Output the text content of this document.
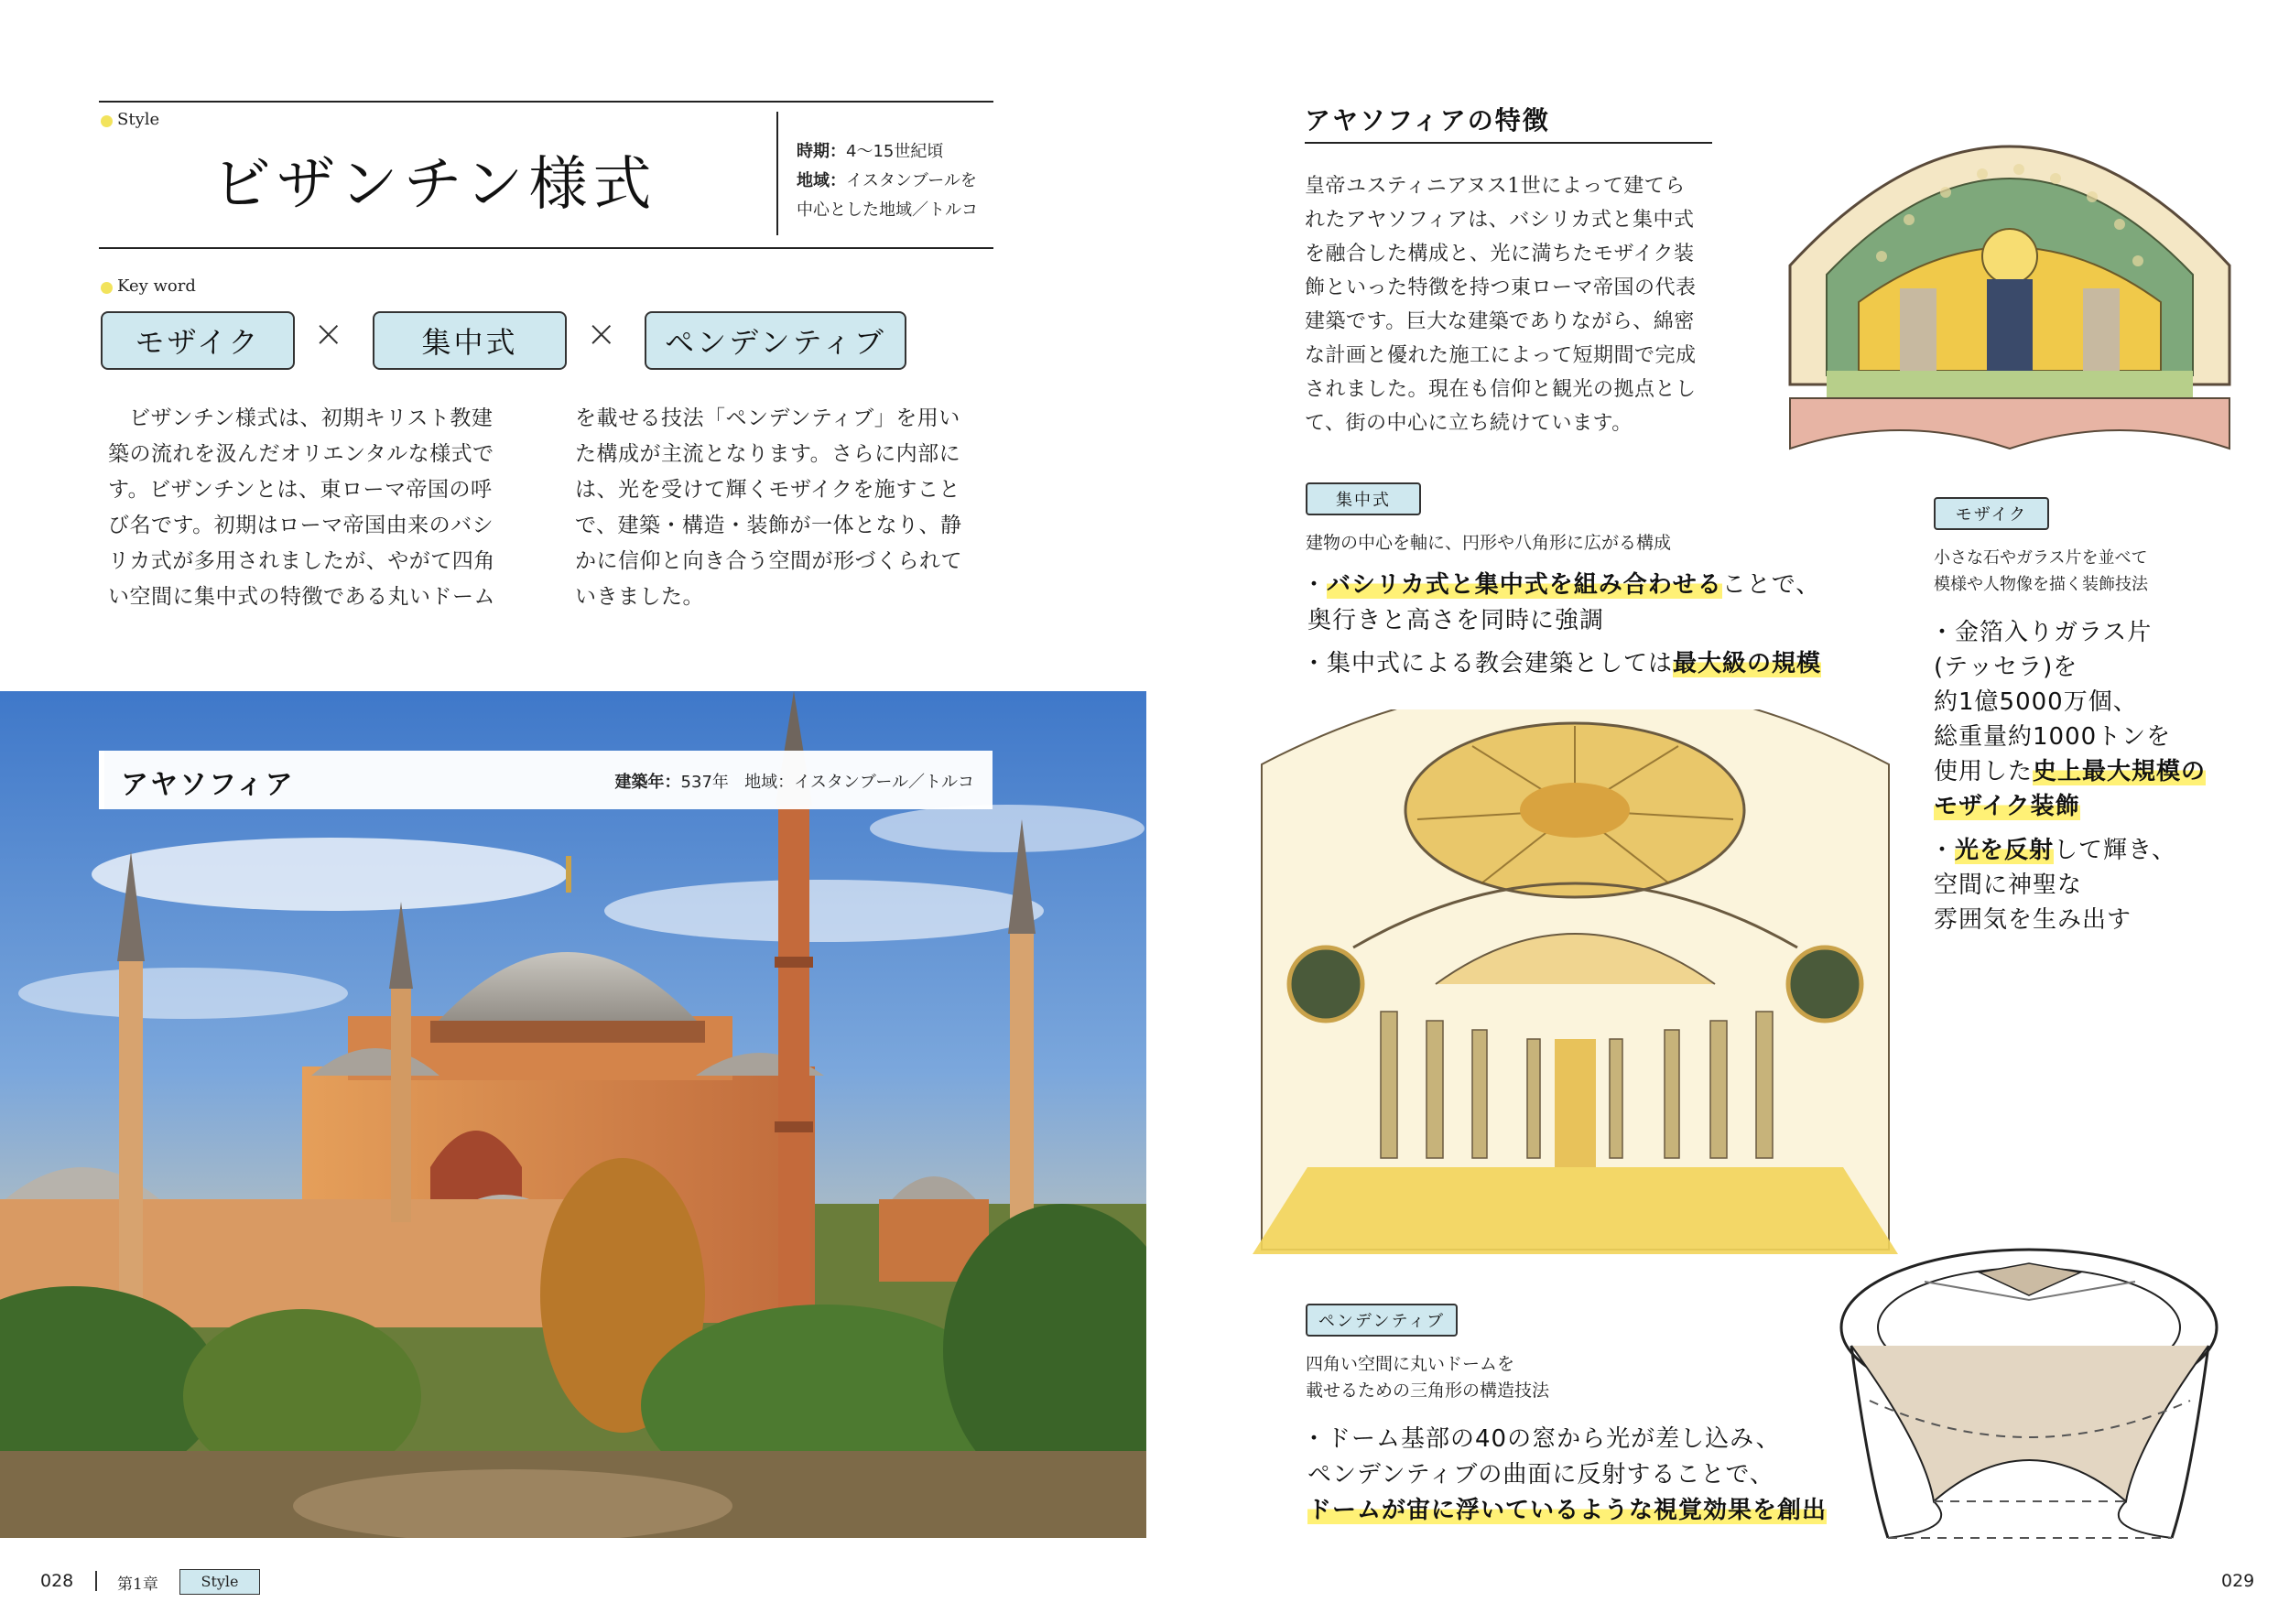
Style
ビザンチン様式	時期：4〜15世紀頃
地域：イスタンブールを
中心とした地域／トルコ
Key word
モザイク	×	集中式	×	ペンデンティブ
ビザンチン様式は、初期キリスト教建
築の流れを汲んだオリエンタルな様式で
す。ビザンチンとは、東ローマ帝国の呼
び名です。初期はローマ帝国由来のバシ
リカ式が多用されましたが、やがて四角
い空間に集中式の特徴である丸いドーム
を載せる技法「ペンデンティブ」を用い
た構成が主流となります。さらに内部に
は、光を受けて輝くモザイクを施すこと
で、建築・構造・装飾が一体となり、静
かに信仰と向き合う空間が形づくられて
いきました。
アヤソフィア	建築年：537年 地域：イスタンブール／トルコ
028	第1章	Style	029
アヤソフィアの特徴
皇帝ユスティニアヌス1世によって建てら
れたアヤソフィアは、バシリカ式と集中式
を融合した構成と、光に満ちたモザイク装
飾といった特徴を持つ東ローマ帝国の代表
建築です。巨大な建築でありながら、綿密
な計画と優れた施工によって短期間で完成
されました。現在も信仰と観光の拠点とし
て、街の中心に立ち続けています。
集中式
建物の中心を軸に、円形や八角形に広がる構成
・バシリカ式と集中式を組み合わせることで、
奥行きと高さを同時に強調
・集中式による教会建築としては最大級の規模
モザイク
小さな石やガラス片を並べて
模様や人物像を描く装飾技法
・金箔入りガラス片
(テッセラ)を
約1億5000万個、
総重量約1000トンを
使用した史上最大規模の
モザイク装飾
・光を反射して輝き、
空間に神聖な
雰囲気を生み出す
ペンデンティブ
四角い空間に丸いドームを
載せるための三角形の構造技法
・ドーム基部の40の窓から光が差し込み、
ペンデンティブの曲面に反射することで、
ドームが宙に浮いているような視覚効果を創出
